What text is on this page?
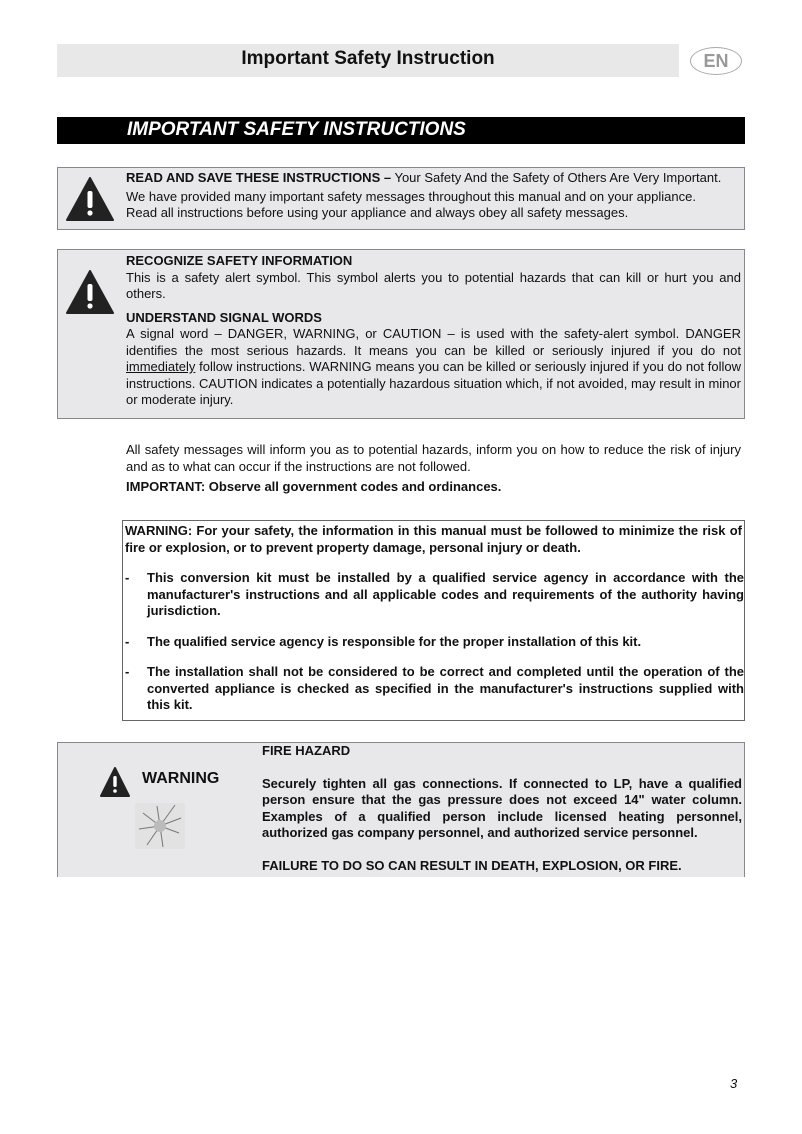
Important Safety Instruction	EN
IMPORTANT SAFETY INSTRUCTIONS

READ AND SAVE THESE INSTRUCTIONS – Your Safety And the Safety of Others Are Very Important.

We have provided many important safety messages throughout this manual and on your appliance.

Read all instructions before using your appliance and always obey all safety messages.

RECOGNIZE SAFETY INFORMATION

This is a safety alert symbol. This symbol alerts you to potential hazards that can kill or hurt you and others.

UNDERSTAND SIGNAL WORDS

A signal word – DANGER, WARNING, or CAUTION – is used with the safety-alert symbol. DANGER identifies the most serious hazards. It means you can be killed or seriously injured if you do not immediately follow instructions. WARNING means you can be killed or seriously injured if you do not follow instructions. CAUTION indicates a potentially hazardous situation which, if not avoided, may result in minor or moderate injury.

All safety messages will inform you as to potential hazards, inform you on how to reduce the risk of injury and as to what can occur if the instructions are not followed.

IMPORTANT: Observe all government codes and ordinances.

WARNING: For your safety, the information in this manual must be followed to minimize the risk of fire or explosion, or to prevent property damage, personal injury or death.

-	This conversion kit must be installed by a qualified service agency in accordance with the manufacturer's instructions and all applicable codes and requirements of the authority having jurisdiction.
-	The qualified service agency is responsible for the proper installation of this kit.
-	The installation shall not be considered to be correct and completed until the operation of the converted appliance is checked as specified in the manufacturer's instructions supplied with this kit.
WARNING

FIRE HAZARD

Securely tighten all gas connections. If connected to LP, have a qualified person ensure that the gas pressure does not exceed 14" water column. Examples of a qualified person include licensed heating personnel, authorized gas company personnel, and authorized service personnel.

FAILURE TO DO SO CAN RESULT IN DEATH, EXPLOSION, OR FIRE.

3
